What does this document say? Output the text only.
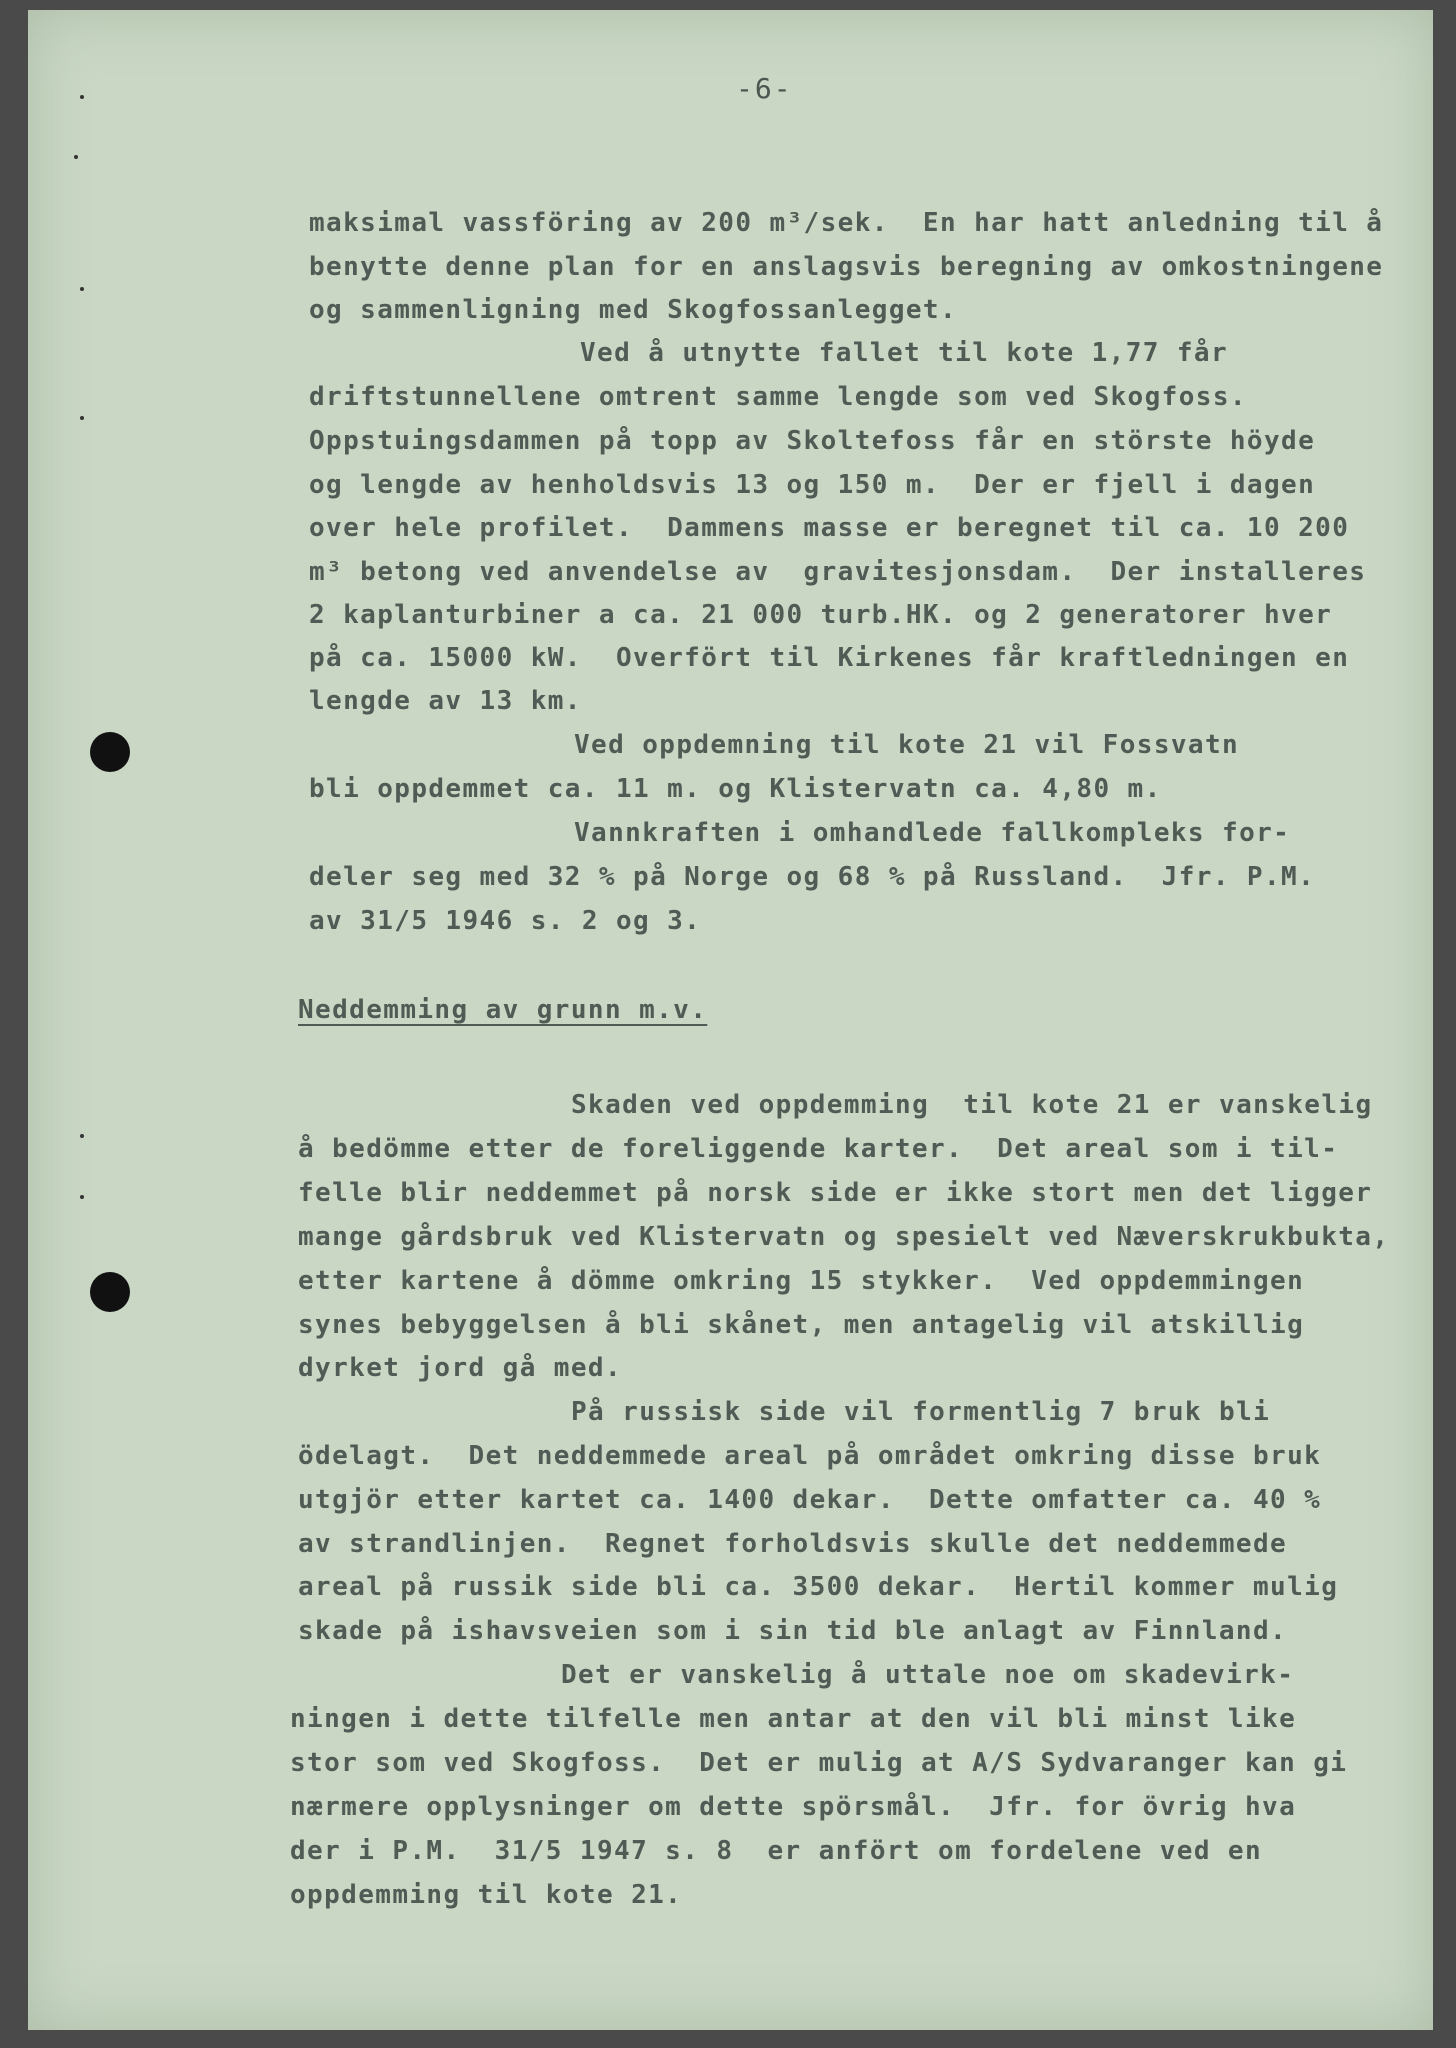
-6-
maksimal vassföring av 200 m³/sek.  En har hatt anledning til å
benytte denne plan for en anslagsvis beregning av omkostningene
og sammenligning med Skogfossanlegget.
Ved å utnytte fallet til kote 1,77 får
driftstunnellene omtrent samme lengde som ved Skogfoss.
Oppstuingsdammen på topp av Skoltefoss får en störste höyde
og lengde av henholdsvis 13 og 150 m.  Der er fjell i dagen
over hele profilet.  Dammens masse er beregnet til ca. 10 200
m³ betong ved anvendelse av  gravitesjonsdam.  Der installeres
2 kaplanturbiner a ca. 21 000 turb.HK. og 2 generatorer hver
på ca. 15000 kW.  Overfört til Kirkenes får kraftledningen en
lengde av 13 km.
Ved oppdemning til kote 21 vil Fossvatn
bli oppdemmet ca. 11 m. og Klistervatn ca. 4,80 m.
Vannkraften i omhandlede fallkompleks for-
deler seg med 32 % på Norge og 68 % på Russland.  Jfr. P.M.
av 31/5 1946 s. 2 og 3.
Neddemming av grunn m.v.
Skaden ved oppdemming  til kote 21 er vanskelig
å bedömme etter de foreliggende karter.  Det areal som i til-
felle blir neddemmet på norsk side er ikke stort men det ligger
mange gårdsbruk ved Klistervatn og spesielt ved Næverskrukbukta,
etter kartene å dömme omkring 15 stykker.  Ved oppdemmingen
synes bebyggelsen å bli skånet, men antagelig vil atskillig
dyrket jord gå med.
På russisk side vil formentlig 7 bruk bli
ödelagt.  Det neddemmede areal på området omkring disse bruk
utgjör etter kartet ca. 1400 dekar.  Dette omfatter ca. 40 %
av strandlinjen.  Regnet forholdsvis skulle det neddemmede
areal på russik side bli ca. 3500 dekar.  Hertil kommer mulig
skade på ishavsveien som i sin tid ble anlagt av Finnland.
Det er vanskelig å uttale noe om skadevirk-
ningen i dette tilfelle men antar at den vil bli minst like
stor som ved Skogfoss.  Det er mulig at A/S Sydvaranger kan gi
nærmere opplysninger om dette spörsmål.  Jfr. for övrig hva
der i P.M.  31/5 1947 s. 8  er anfört om fordelene ved en
oppdemming til kote 21.
